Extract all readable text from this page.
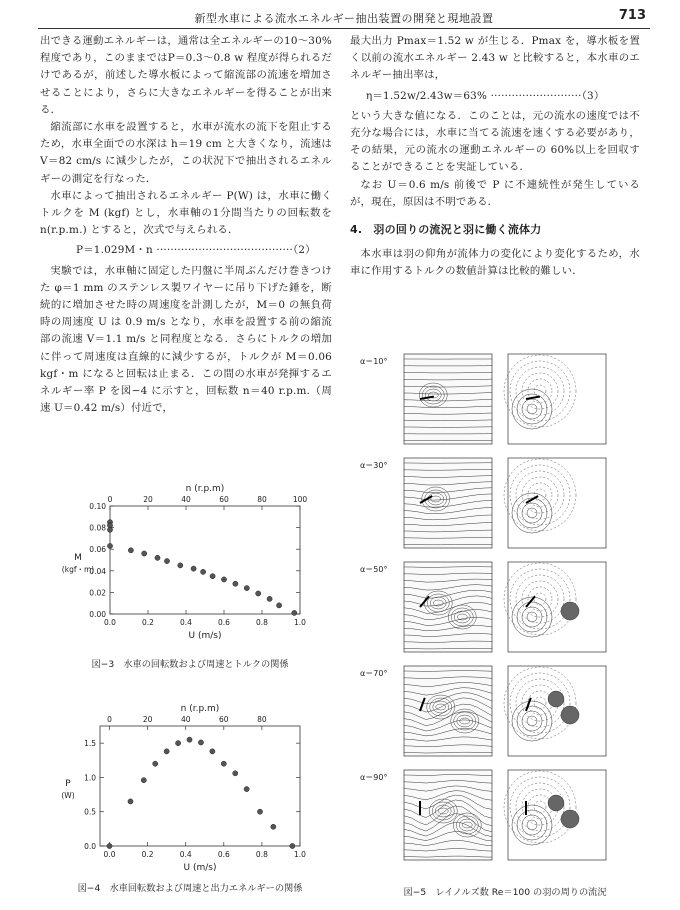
新型水車による流水エネルギー抽出装置の開発と現地設置	713

出できる運動エネルギーは，通常は全エネルギーの10〜30%程度であり，このままではP＝0.3〜0.8 w 程度が得られるだけであるが，前述した導水板によって縮流部の流速を増加させることにより，さらに大きなエネルギーを得ることが出来る．

縮流部に水車を設置すると，水車が流水の流下を阻止するため，水車全面での水深は h＝19 cm と大きくなり，流速は V＝82 cm/s に減少したが，この状況下で抽出されるエネルギーの測定を行なった．

水車によって抽出されるエネルギー P(W) は，水車に働くトルクを M (kgf) とし，水車軸の1分間当たりの回転数を n(r.p.m.) とすると，次式で与えられる．

P＝1.029M・n ·······································（2）

実験では，水車軸に固定した円盤に半周ぶんだけ巻きつけた φ＝1 mm のステンレス製ワイヤーに吊り下げた錘を，断続的に増加させた時の周速度を計測したが，M＝0 の無負荷時の周速度 U は 0.9 m/s となり，水車を設置する前の縮流部の流速 V＝1.1 m/s と同程度となる．さらにトルクの増加に伴って周速度は直線的に減少するが，トルクが M＝0.06 kgf・m になると回転は止まる．この間の水車が発揮するエネルギー率 P を図−4 に示すと，回転数 n＝40 r.p.m.（周速 U＝0.42 m/s）付近で，

最大出力 Pmax＝1.52 w が生じる．Pmax を，導水板を置く以前の流水エネルギー 2.43 w と比較すると，本水車のエネルギー抽出率は，

η＝1.52w/2.43w＝63% ··························（3）

という大きな値になる．このことは，元の流水の速度では不充分な場合には，水車に当てる流速を速くする必要があり，その結果，元の流水の運動エネルギーの 60%以上を回収することができることを実証している．

なお U＝0.6 m/s 前後で P に不連続性が発生しているが，現在，原因は不明である．

4.　羽の回りの流況と羽に働く流体力

本水車は羽の仰角が流体力の変化により変化するため，水車に作用するトルクの数値計算は比較的難しい．

0.0	0.2	0.4	0.6	0.8	1.0
0	20	40	60	80	100
0.00
0.02
0.04
0.06
0.08
0.10
U (m/s)
n (r.p.m)
M
(kgf・m)
図−3　水車の回転数および周速とトルクの関係
0.0	0.2	0.4	0.6	0.8	1.0
0	20	40	60	80
0.0
0.5
1.0
1.5
U (m/s)
n (r.p.m)
P
(W)
図−4　水車回転数および周速と出力エネルギーの関係
α＝10°
α＝30°
α＝50°
α＝70°
α＝90°
図−5　レイノルズ数 Re＝100 の羽の周りの流況
